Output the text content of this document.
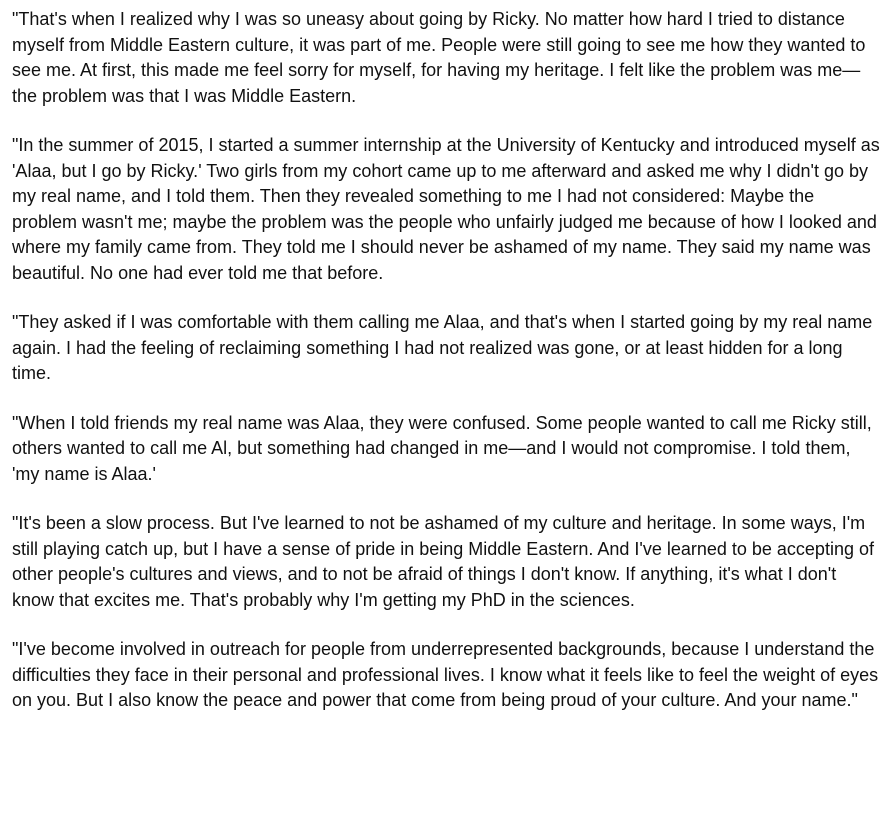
"That's when I realized why I was so uneasy about going by Ricky. No matter how hard I tried to distance myself from Middle Eastern culture, it was part of me. People were still going to see me how they wanted to see me. At first, this made me feel sorry for myself, for having my heritage. I felt like the problem was me—the problem was that I was Middle Eastern.

"In the summer of 2015, I started a summer internship at the University of Kentucky and introduced myself as 'Alaa, but I go by Ricky.' Two girls from my cohort came up to me afterward and asked me why I didn't go by my real name, and I told them. Then they revealed something to me I had not considered: Maybe the problem wasn't me; maybe the problem was the people who unfairly judged me because of how I looked and where my family came from. They told me I should never be ashamed of my name. They said my name was beautiful. No one had ever told me that before.

"They asked if I was comfortable with them calling me Alaa, and that's when I started going by my real name again. I had the feeling of reclaiming something I had not realized was gone, or at least hidden for a long time.

"When I told friends my real name was Alaa, they were confused. Some people wanted to call me Ricky still, others wanted to call me Al, but something had changed in me—and I would not compromise. I told them, 'my name is Alaa.'

"It's been a slow process. But I've learned to not be ashamed of my culture and heritage. In some ways, I'm still playing catch up, but I have a sense of pride in being Middle Eastern. And I've learned to be accepting of other people's cultures and views, and to not be afraid of things I don't know. If anything, it's what I don't know that excites me. That's probably why I'm getting my PhD in the sciences.

"I've become involved in outreach for people from underrepresented backgrounds, because I understand the difficulties they face in their personal and professional lives. I know what it feels like to feel the weight of eyes on you. But I also know the peace and power that come from being proud of your culture. And your name."
